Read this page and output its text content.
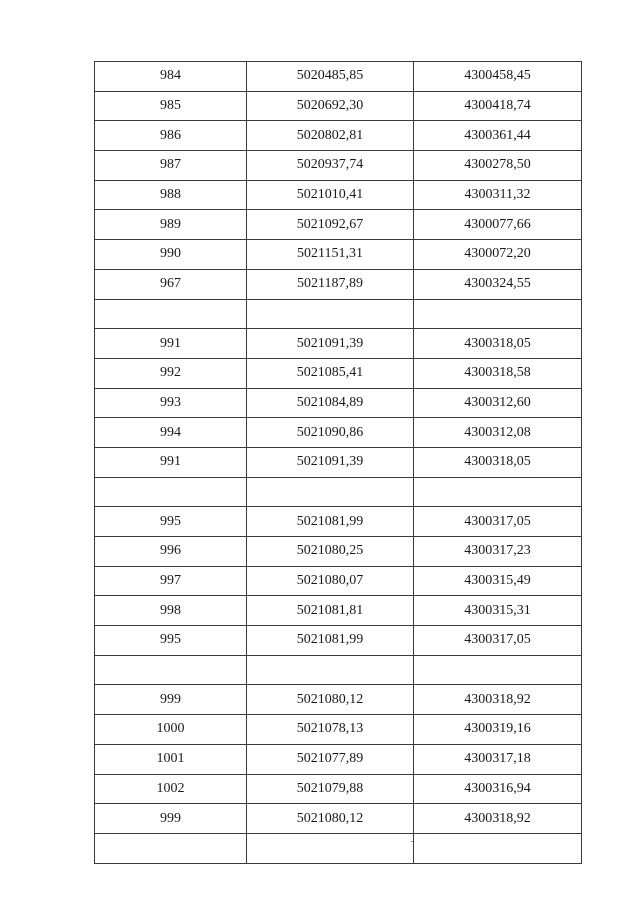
984	5020485,85	4300458,45
985	5020692,30	4300418,74
986	5020802,81	4300361,44
987	5020937,74	4300278,50
988	5021010,41	4300311,32
989	5021092,67	4300077,66
990	5021151,31	4300072,20
967	5021187,89	4300324,55

991	5021091,39	4300318,05
992	5021085,41	4300318,58
993	5021084,89	4300312,60
994	5021090,86	4300312,08
991	5021091,39	4300318,05

995	5021081,99	4300317,05
996	5021080,25	4300317,23
997	5021080,07	4300315,49
998	5021081,81	4300315,31
995	5021081,99	4300317,05

999	5021080,12	4300318,92
1000	5021078,13	4300319,16
1001	5021077,89	4300317,18
1002	5021079,88	4300316,94
999	5021080,12	4300318,92
